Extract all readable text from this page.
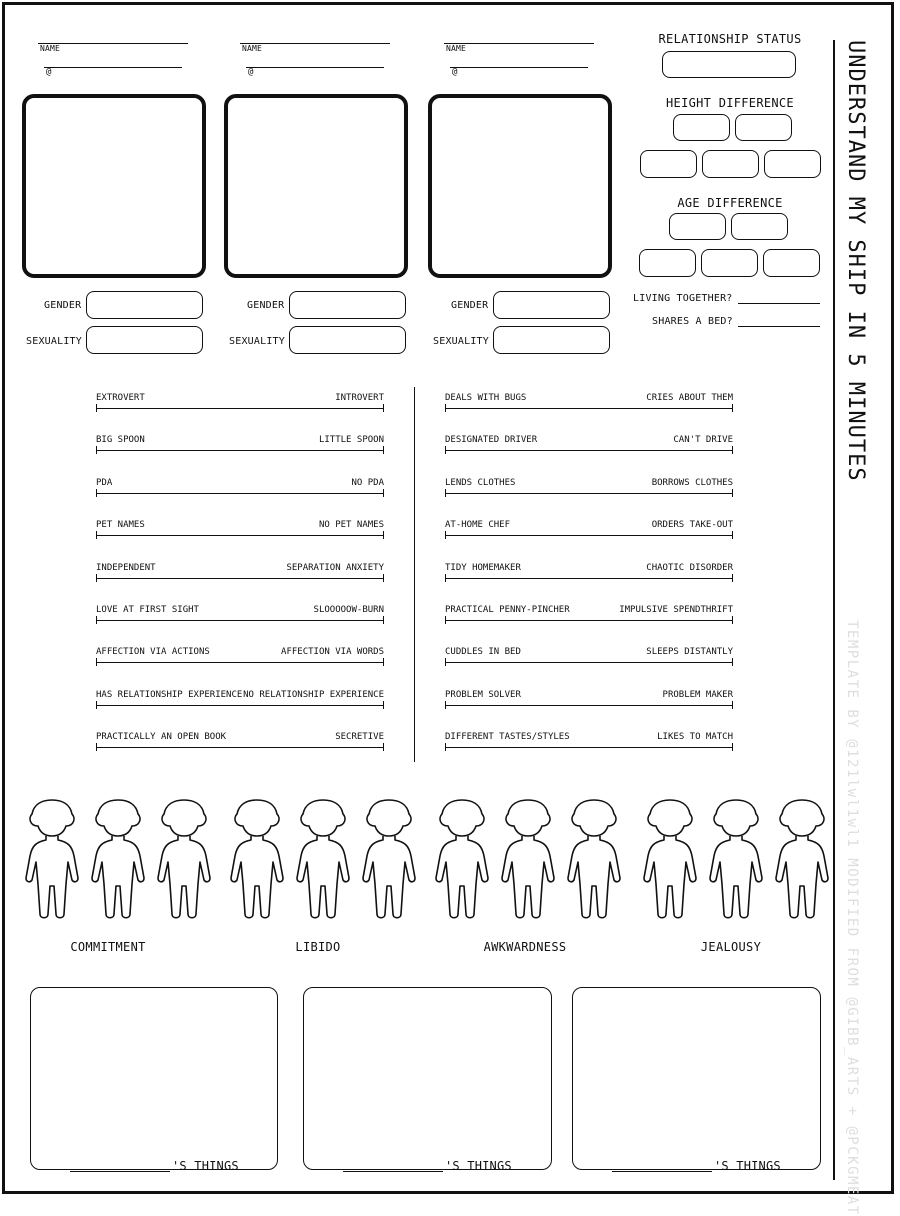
NAME
@
GENDER
SEXUALITY
NAME
@
GENDER
SEXUALITY
NAME
@
GENDER
SEXUALITY
RELATIONSHIP STATUS
HEIGHT DIFFERENCE
AGE DIFFERENCE
LIVING TOGETHER?
SHARES A BED?	UNDERSTAND MY SHIP IN 5 MINUTES
TEMPLATE BY @121lwl1wl1 MODIFIED FROM @GIBB_ARTS + @PCKGMEAT
EXTROVERT	INTROVERT
BIG SPOON	LITTLE SPOON
PDA	NO PDA
PET NAMES	NO PET NAMES
INDEPENDENT	SEPARATION ANXIETY
LOVE AT FIRST SIGHT	SLOOOOOW-BURN
AFFECTION VIA ACTIONS	AFFECTION VIA WORDS
HAS RELATIONSHIP EXPERIENCE NO RELATIONSHIP EXPERIENCE
PRACTICALLY AN OPEN BOOK	SECRETIVE
DEALS WITH BUGS	CRIES ABOUT THEM
DESIGNATED DRIVER	CAN'T DRIVE
LENDS CLOTHES	BORROWS CLOTHES
AT-HOME CHEF	ORDERS TAKE-OUT
TIDY HOMEMAKER	CHAOTIC DISORDER
PRACTICAL PENNY-PINCHER	IMPULSIVE SPENDTHRIFT
CUDDLES IN BED	SLEEPS DISTANTLY
PROBLEM SOLVER	PROBLEM MAKER
DIFFERENT TASTES/STYLES	LIKES TO MATCH
COMMITMENT	LIBIDO	AWKWARDNESS	JEALOUSY
'S THINGS	'S THINGS	'S THINGS
